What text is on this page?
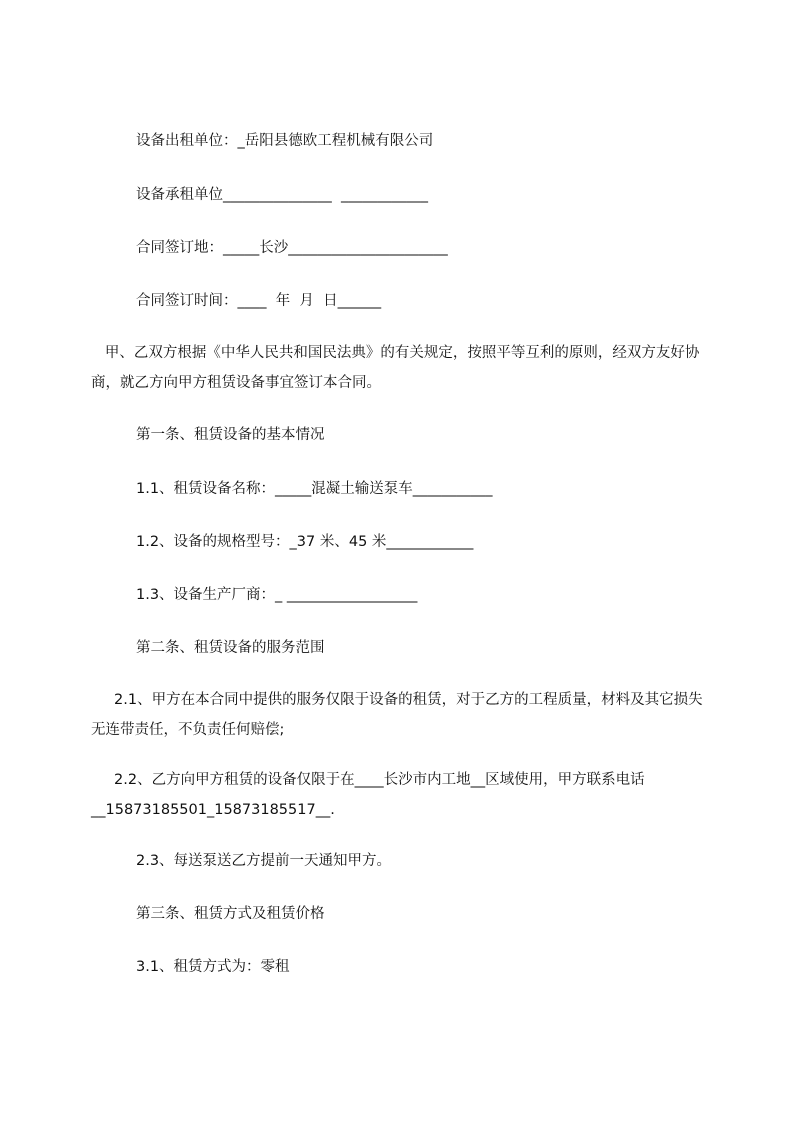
设备出租单位：_岳阳县德欧工程机械有限公司

设备承租单位_______________  ____________

合同签订地：_____长沙______________________

合同签订时间：____  年  月  日______

甲、乙双方根据《中华人民共和国民法典》的有关规定，按照平等互利的原则，经双方友好协商，就乙方向甲方租赁设备事宜签订本合同。

第一条、租赁设备的基本情况

1.1、租赁设备名称：_____混凝土输送泵车___________

1.2、设备的规格型号：_37 米、45 米____________

1.3、设备生产厂商：_ __________________

第二条、租赁设备的服务范围

2.1、甲方在本合同中提供的服务仅限于设备的租赁，对于乙方的工程质量，材料及其它损失无连带责任，不负责任何赔偿;

2.2、乙方向甲方租赁的设备仅限于在____长沙市内工地__区域使用，甲方联系电话__15873185501_15873185517__.

2.3、每送泵送乙方提前一天通知甲方。

第三条、租赁方式及租赁价格

3.1、租赁方式为：零租
